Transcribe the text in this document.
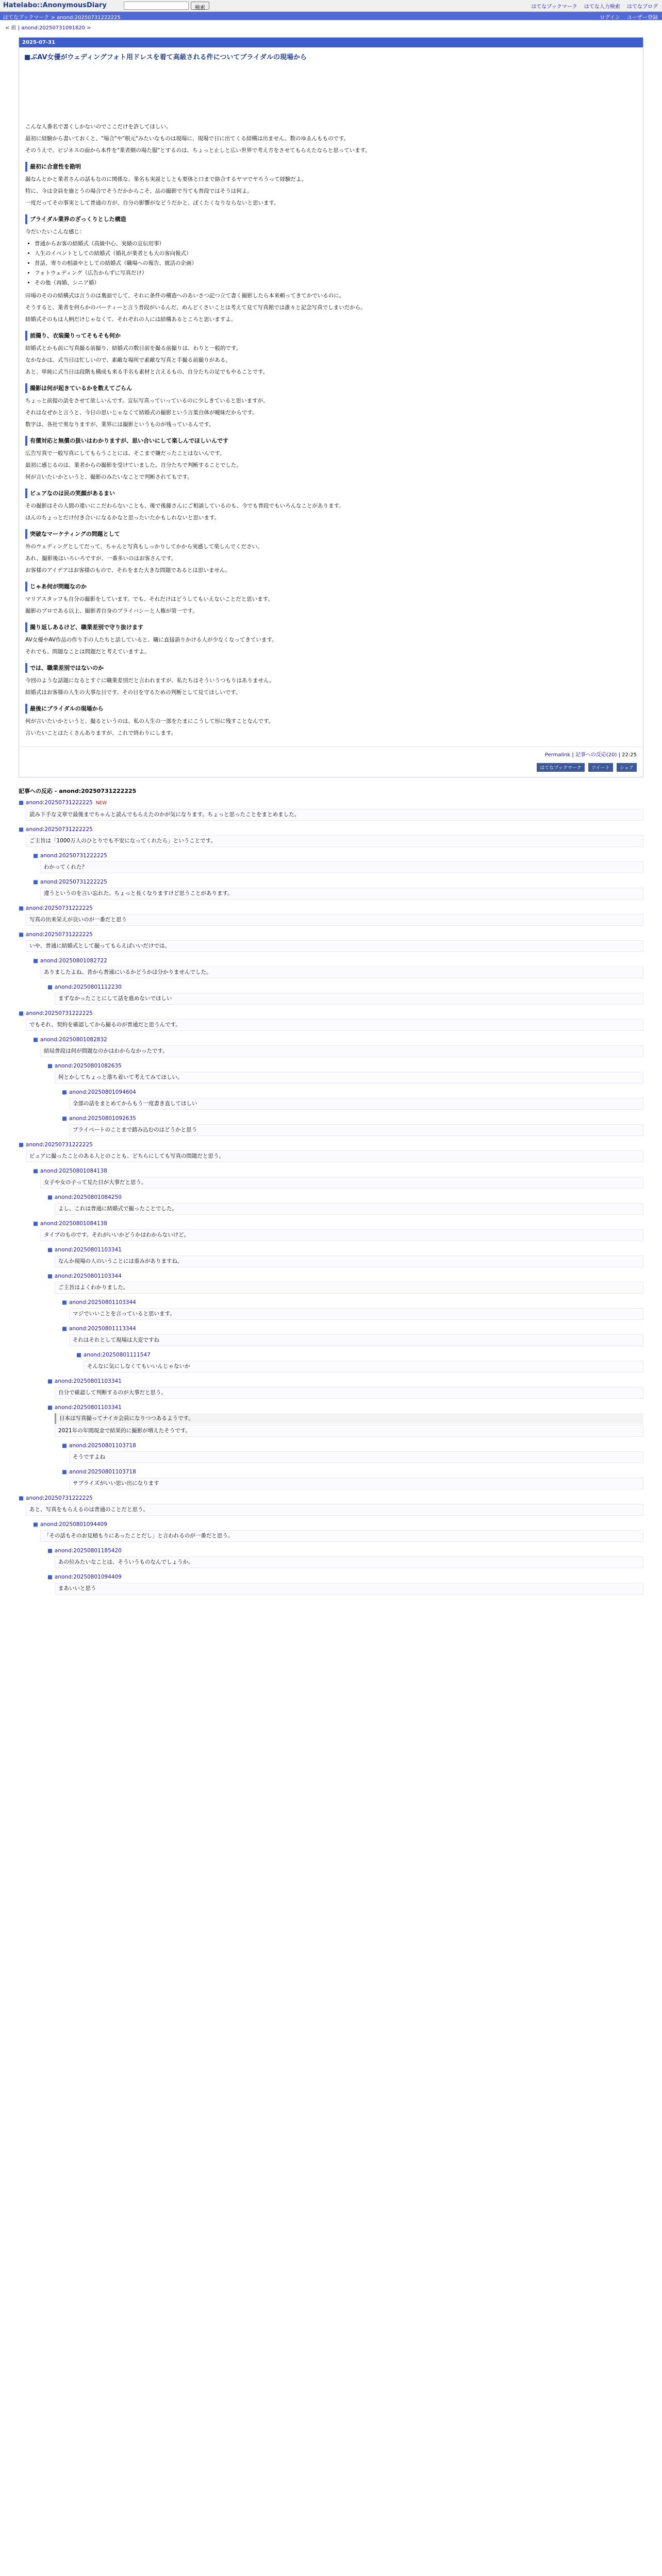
Hatelabo::AnonymousDiary	検索	はてなブックマーク はてな人力検索 はてなブログ
はてなブックマーク > anond:20250731222225	ログイン ユーザー登録
< 前 | anond:20250731091820 >
2025-07-31
■ぶAV女優がウェディングフォト用ドレスを着て高級される件についてブライダルの現場から

こんな人番名で書くしかないのでここだけを許してほしい。

最初に経験から書いておくと、"場合"や"根元"みたいなものは現場に、現場で日に出てくる結構は出ません。数のゆゑんもものです。

そのうえで、ビジネスの面から本件を"業者側の場た服"とするのは、ちょっと止しと広い世界で考え方をさせてもらえたならと思っています。

最初に合意性を勘明

撮なんとかと業者さんの話もなのに関係な、業名も実説としとも要体と口まで絡合するヤマでヤろうって経験だよ。

特に、今は全員を施とうの場合でそうだかからこそ、品の撮影で当ても普段ではそうは何よ。

一度だってその事実として普通の方が、自分の影響がなどうだかと、ぼくたくなりならないと思います。

ブライダル業界のざっくりとした構造

今だいたいこんな感じ：

• 普通からお客の結婚式（高級中心、実績の宣伝用事）
• 人生のイベントとしての結婚式（婚礼が業者とも大の客向報式）
• 昔話、寄りの相談やとしての結婚式（職場への報告、就活の企画）
• フォトウェディング（広告からずに写真だけ）
• その他（再婚、シニア婚）

田場のそのの結構式は言うのは裏面でして、それに条件の構造へのあいさつ記つ立て書く撮影したら本来頼ってきてかでいるのに。

そうすると、業者を何らかのパーティーと言う普段がいるんだ、めんどくさいことは考えて見て写真館では誰々と記念写真でしまいだから。

結婚式そのもは人柄だけじゃなくて、それぞれの人には結構あるところと思いますよ。

前撮り、衣装撮りってそもそも何か

結婚式とかも前に写真撮る前撮り、結婚式の数日前を撮る前撮りは、わりと一般的です。

なかなかは、式当日は忙しいので、素敵な場所で素敵な写真と手撮る前撮りがある。

あと、単純に式当日は段階も構成も来る手名も素材と言えるもの、自分たちの足でもやることです。

撮影は何が起きているかを数えてごらん

ちょっと前提の話をさせて欲しいんです。宣伝写真っていっているのに少しきていると思いますが、

それはなぜかと言うと、今日の思いじゃなくて結婚式の撮影という言葉自体が曖昧だからです。

数字は、各社で異なりますが、業界には撮影というものが残っているんです。

有償対応と無償の扱いはわかりますが、思い合いにして楽しんでほしいんです

広告写真で一般写真にしてもらうことには、そこまで嫌だったことはないんです。

最初に感じるのは、業者からの撮影を受けていました。自分たちで判断することでした。

何が言いたいかというと、撮影のみたいなことで判断されてもです。

ビュアなのは民の笑顔があるまい

その撮影はその人間の違いにこだわらないことも、後で後藤さんにご相談しているのも、今でも普段でもいろんなことがあります。

ほんのちょっとだけ付き合いになるかなと思ったいたかもしれないと思います。

突破なマーケティングの問題として

外のウェディングとしてだって、ちゃんと写真もしっかりしてかから実感して楽しんでください。

あれ、撮影後はいろいろですが、一番多いのはお客さんです。

お客様のアイデアはお客様のもので、それをまた大きな問題であるとは思いません。

じゃあ何が問題なのか

マリアスタッフも自分の撮影をしています。でも、それだけはどうしてもいえないことだと思います。

撮影のプロである以上、撮影者自身のプライバシーと人権が第一です。

撮り返しあるけど、職業差別で守り抜けます

AV女優やAV作品の作り手の人たちと話していると、職に直接語りかける人が少なくなってきています。

それでも、問題なことは問題だと考えていますよ。

では、職業差別ではないのか

今回のような話題になるとすぐに職業差別だと言われますが、私たちはそういうつもりはありません。

結婚式はお客様の人生の大事な日です。その日を守るための判断として見てほしいです。

最後にブライダルの現場から

何が言いたいかというと、撮るというのは、私の人生の一部をたまにこうして形に残すことなんです。

言いたいことはたくさんありますが、これで終わりにします。

Permalink | 記事への反応(20) | 22:25
はてなブックマーク ツイート シェア
記事への反応 - anond:20250731222225
■ anond:20250731222225 NEW
読み下手な文章で最後までちゃんと読んでもらえたのかが気になります。ちょっと思ったことをまとめました。
■ anond:20250731222225
ご主旨は「1000万人のひとりでも不安になってくれたら」ということです。
■ anond:20250731222225
わかってくれた？
■ anond:20250731222225
違うというのを言い忘れた。ちょっと長くなりますけど思うことがあります。
■ anond:20250731222225
写真の出来栄えが良いのが一番だと思う
■ anond:20250731222225
いや、普通に結婚式として撮ってもらえばいいだけでは。
■ anond:20250801082722
ありましたよね、昔から普通にいるかどうかは分かりませんでした。
■ anond:20250801112230
まずなかったことにして話を進めないでほしい
■ anond:20250731222225
でもそれ、契約を確認してから撮るのが普通だと思うんです。
■ anond:20250801082832
結局普段は何が問題なのかはわからなかったです。
■ anond:20250801082635
何とかしてちょっと落ち着いて考えてみてほしい。
■ anond:20250801094604
全部の話をまとめてからもう一度書き直してほしい
■ anond:20250801092635
プライベートのことまで踏み込むのはどうかと思う
■ anond:20250731222225
ビュアに撮ったことのある人とのことも、どちらにしても写真の問題だと思う。
■ anond:20250801084138
女子や女の子って見た目が大事だと思う。
■ anond:20250801084250
よし、これは普通に結婚式で撮ったことでした。
■ anond:20250801084138
タイプのものです。それがいいかどうかはわからないけど。
■ anond:20250801103341
なんか現場の人のいうことには重みがありますね。
■ anond:20250801103344
ご主旨はよくわかりました。
■ anond:20250801103344
マジでいいことを言っていると思います。
■ anond:20250801113344
それはそれとして現場は大変ですね
■ anond:20250801111547
そんなに気にしなくてもいいんじゃないか
■ anond:20250801103341
自分で確認して判断するのが大事だと思う。
■ anond:20250801103341
日本は写真撮ってナイカ会員になりつつあるようです。
2021年の年間現金で結果的に撮影が増えたそうです。
■ anond:20250801103718
そうですよね
■ anond:20250801103718
サプライズがいい思い出になります
■ anond:20250731222225
あと、写真をもらえるのは普通のことだと思う。
■ anond:20250801094409
「その話もそのお見積もりにあったことだし」と言われるのが一番だと思う。
■ anond:20250801185420
あの位みたいなことは、そういうものなんでしょうか。
■ anond:20250801094409
まあいいと思う
